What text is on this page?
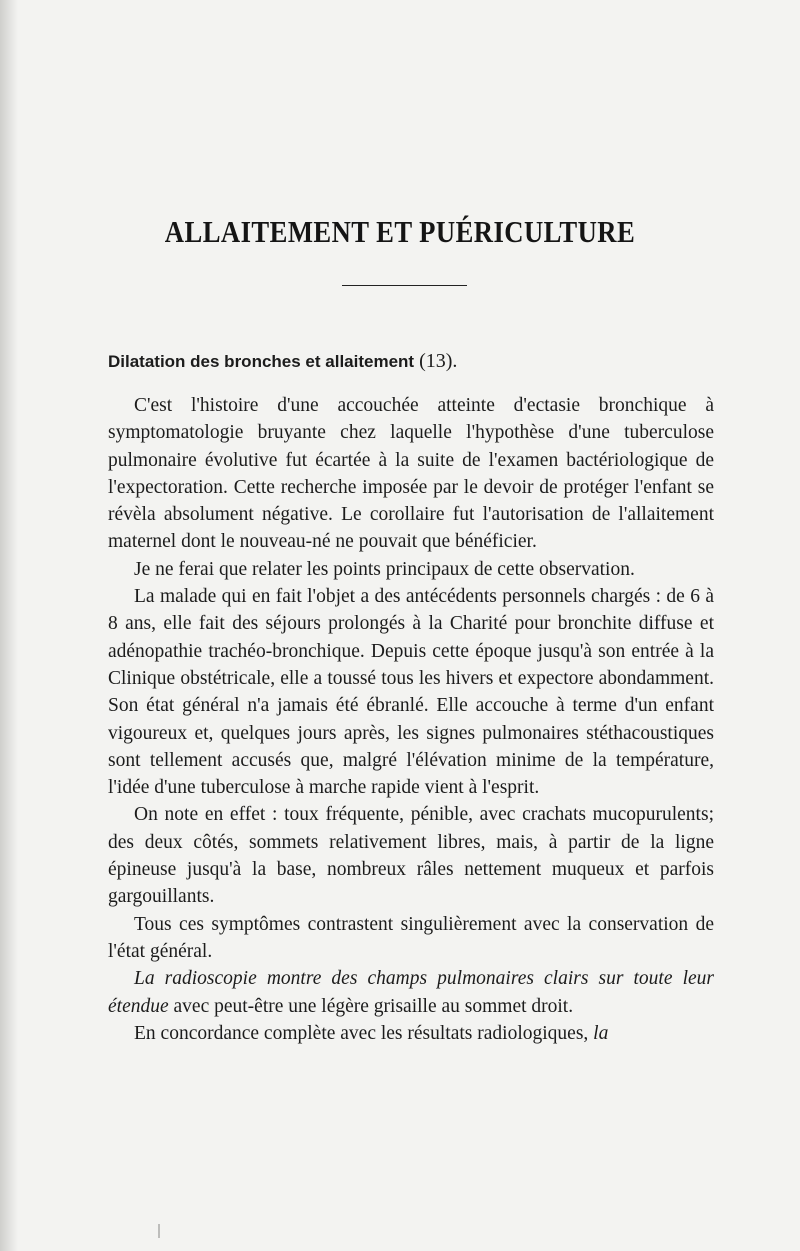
ALLAITEMENT ET PUÉRICULTURE
Dilatation des bronches et allaitement (13).

C'est l'histoire d'une accouchée atteinte d'ectasie bronchique à symptomatologie bruyante chez laquelle l'hypothèse d'une tuberculose pulmonaire évolutive fut écartée à la suite de l'examen bactériologique de l'expectoration. Cette recherche imposée par le devoir de protéger l'enfant se révèla absolument négative. Le corollaire fut l'autorisation de l'allaitement maternel dont le nouveau-né ne pouvait que bénéficier.

Je ne ferai que relater les points principaux de cette observation.

La malade qui en fait l'objet a des antécédents personnels chargés : de 6 à 8 ans, elle fait des séjours prolongés à la Charité pour bronchite diffuse et adénopathie trachéo-bronchique. Depuis cette époque jusqu'à son entrée à la Clinique obstétricale, elle a toussé tous les hivers et expectore abondamment. Son état général n'a jamais été ébranlé. Elle accouche à terme d'un enfant vigoureux et, quelques jours après, les signes pulmonaires stéthacoustiques sont tellement accusés que, malgré l'élévation minime de la température, l'idée d'une tuberculose à marche rapide vient à l'esprit.

On note en effet : toux fréquente, pénible, avec crachats mucopurulents; des deux côtés, sommets relativement libres, mais, à partir de la ligne épineuse jusqu'à la base, nombreux râles nettement muqueux et parfois gargouillants.

Tous ces symptômes contrastent singulièrement avec la conservation de l'état général.

La radioscopie montre des champs pulmonaires clairs sur toute leur étendue avec peut-être une légère grisaille au sommet droit.

En concordance complète avec les résultats radiologiques, la
